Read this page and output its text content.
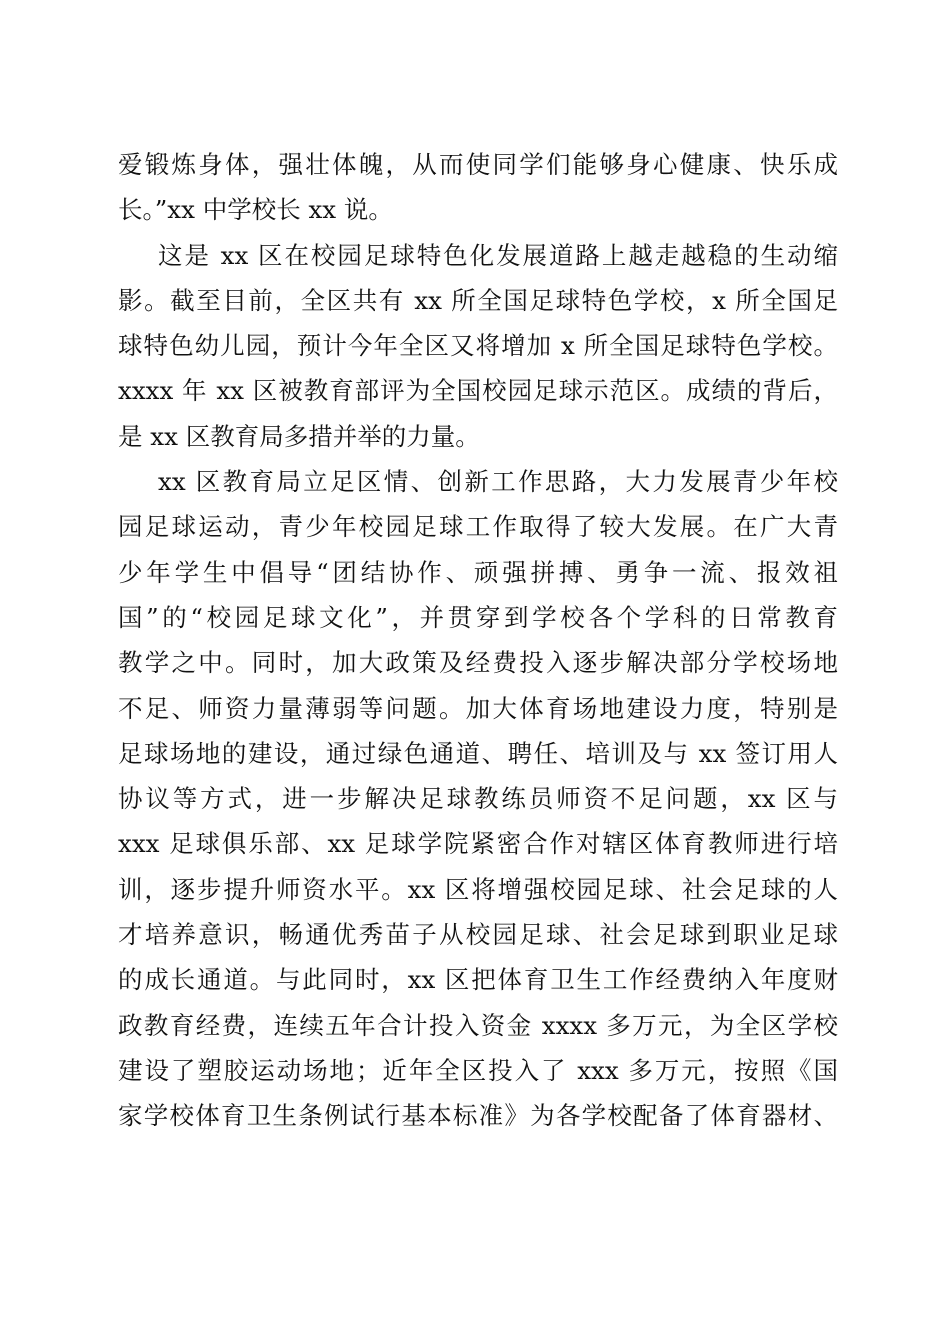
爱锻炼身体，强壮体魄，从而使同学们能够身心健康、快乐成
长。”xx 中学校长 xx 说。
这是 xx 区在校园足球特色化发展道路上越走越稳的生动缩
影。截至目前，全区共有 xx 所全国足球特色学校，x 所全国足
球特色幼儿园，预计今年全区又将增加 x 所全国足球特色学校。
xxxx 年 xx 区被教育部评为全国校园足球示范区。成绩的背后，
是 xx 区教育局多措并举的力量。
xx 区教育局立足区情、创新工作思路，大力发展青少年校
园足球运动，青少年校园足球工作取得了较大发展。在广大青
少年学生中倡导“团结协作、顽强拼搏、勇争一流、报效祖
国”的“校园足球文化”，并贯穿到学校各个学科的日常教育
教学之中。同时，加大政策及经费投入逐步解决部分学校场地
不足、师资力量薄弱等问题。加大体育场地建设力度，特别是
足球场地的建设，通过绿色通道、聘任、培训及与 xx 签订用人
协议等方式，进一步解决足球教练员师资不足问题，xx 区与
xxx 足球俱乐部、xx 足球学院紧密合作对辖区体育教师进行培
训，逐步提升师资水平。xx 区将增强校园足球、社会足球的人
才培养意识，畅通优秀苗子从校园足球、社会足球到职业足球
的成长通道。与此同时，xx 区把体育卫生工作经费纳入年度财
政教育经费，连续五年合计投入资金 xxxx 多万元，为全区学校
建设了塑胶运动场地；近年全区投入了 xxx 多万元，按照《国
家学校体育卫生条例试行基本标准》为各学校配备了体育器材、
